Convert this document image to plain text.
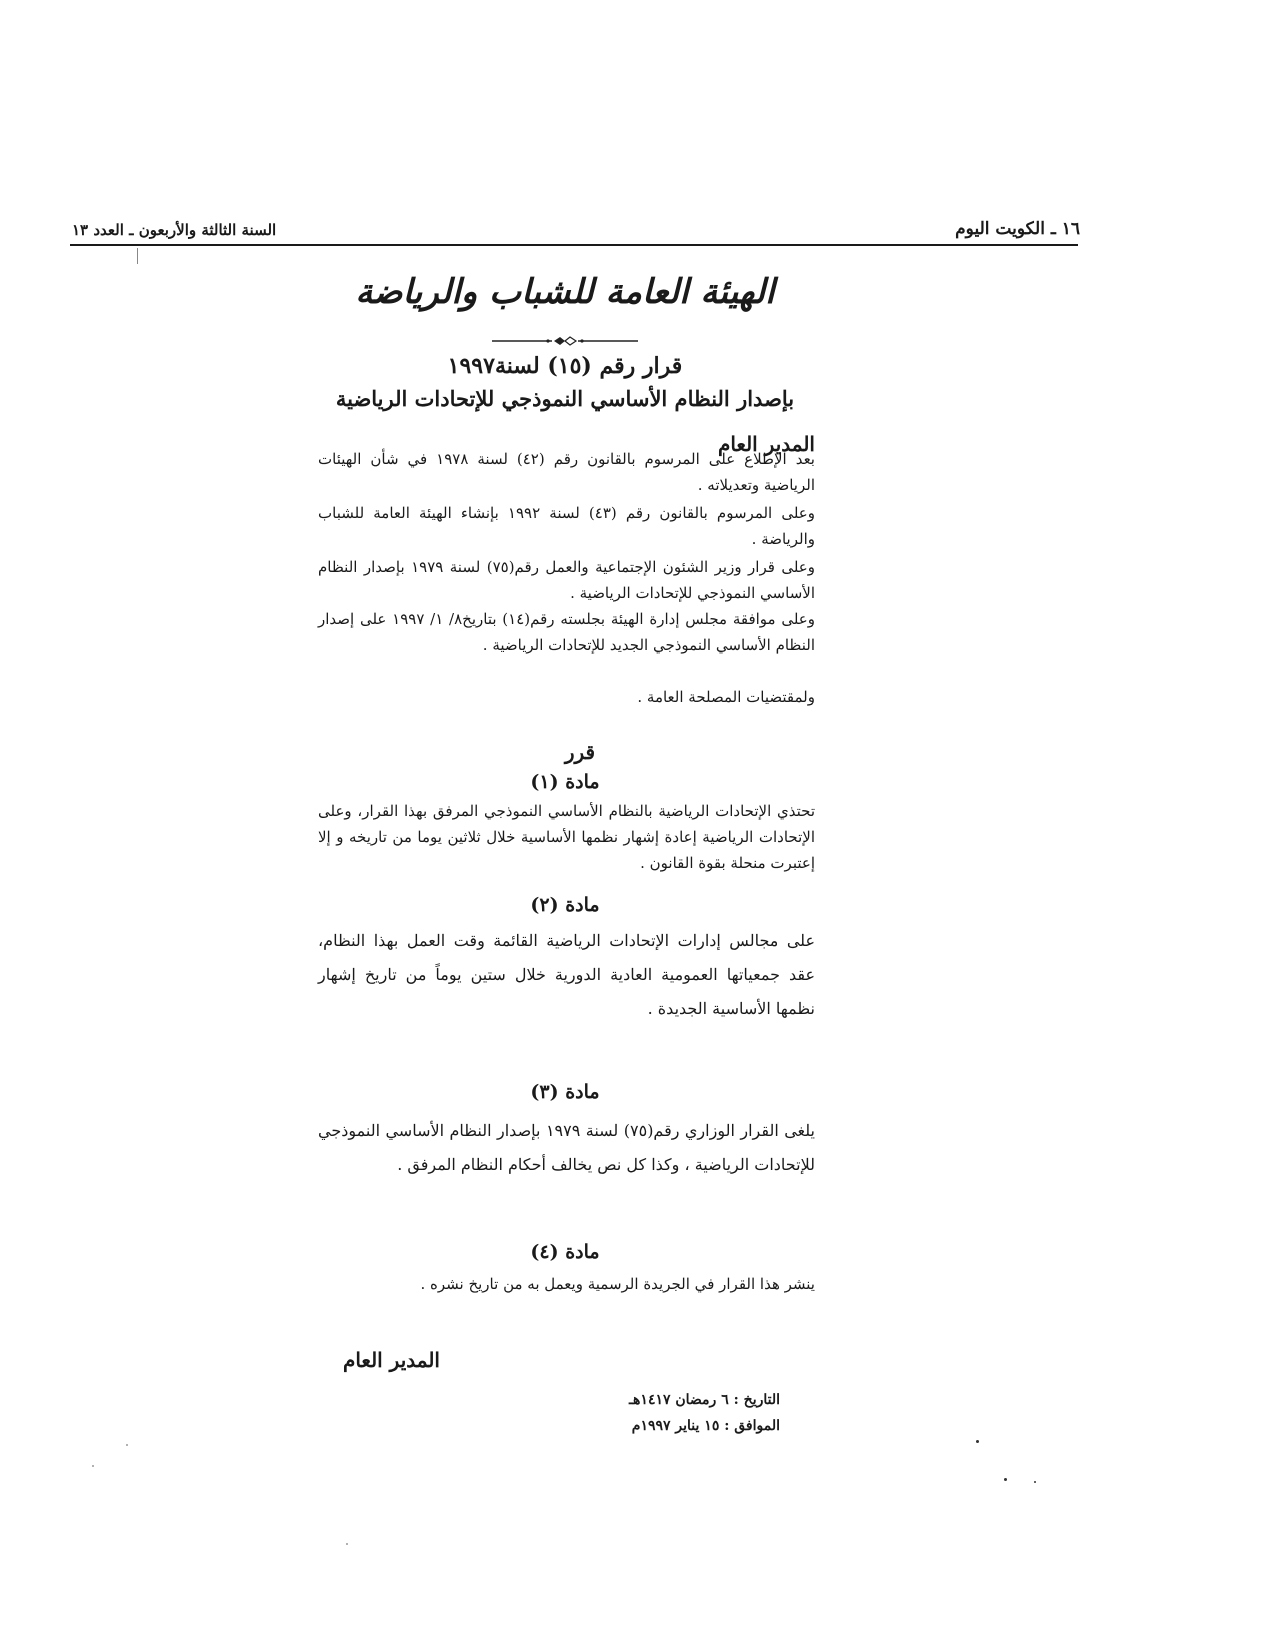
١٦ ـ الكويت اليوم
السنة الثالثة والأربعون ـ العدد ١٣
الهيئة العامة للشباب والرياضة
قرار رقم (١٥) لسنة١٩٩٧
بإصدار النظام الأساسي النموذجي للإتحادات الرياضية
المدير العام
بعد الإطلاع على المرسوم بالقانون رقم (٤٢) لسنة ١٩٧٨ في شأن الهيئات الرياضية وتعديلاته .
وعلى المرسوم بالقانون رقم (٤٣) لسنة ١٩٩٢ بإنشاء الهيئة العامة للشباب والرياضة .
وعلى قرار وزير الشئون الإجتماعية والعمل رقم(٧٥) لسنة ١٩٧٩ بإصدار النظام الأساسي النموذجي للإتحادات الرياضية .
وعلى موافقة مجلس إدارة الهيئة بجلسته رقم(١٤) بتاريخ٨/ ١/ ١٩٩٧ على إصدار النظام الأساسي النموذجي الجديد للإتحادات الرياضية .
ولمقتضيات المصلحة العامة .
قرر
مادة (١)
تحتذي الإتحادات الرياضية بالنظام الأساسي النموذجي المرفق بهذا القرار، وعلى الإتحادات الرياضية إعادة إشهار نظمها الأساسية خلال ثلاثين يوما من تاريخه و إلا إعتبرت منحلة بقوة القانون .
مادة (٢)
على مجالس إدارات الإتحادات الرياضية القائمة وقت العمل بهذا النظام، عقد جمعياتها العمومية العادية الدورية خلال ستين يوماً من تاريخ إشهار نظمها الأساسية الجديدة .
مادة (٣)
يلغى القرار الوزاري رقم(٧٥) لسنة ١٩٧٩ بإصدار النظام الأساسي النموذجي للإتحادات الرياضية ، وكذا كل نص يخالف أحكام النظام المرفق .
مادة (٤)
ينشر هذا القرار في الجريدة الرسمية ويعمل به من تاريخ نشره .
المدير العام
التاريخ : ٦ رمضان ١٤١٧هـ
الموافق : ١٥ يناير ١٩٩٧م
